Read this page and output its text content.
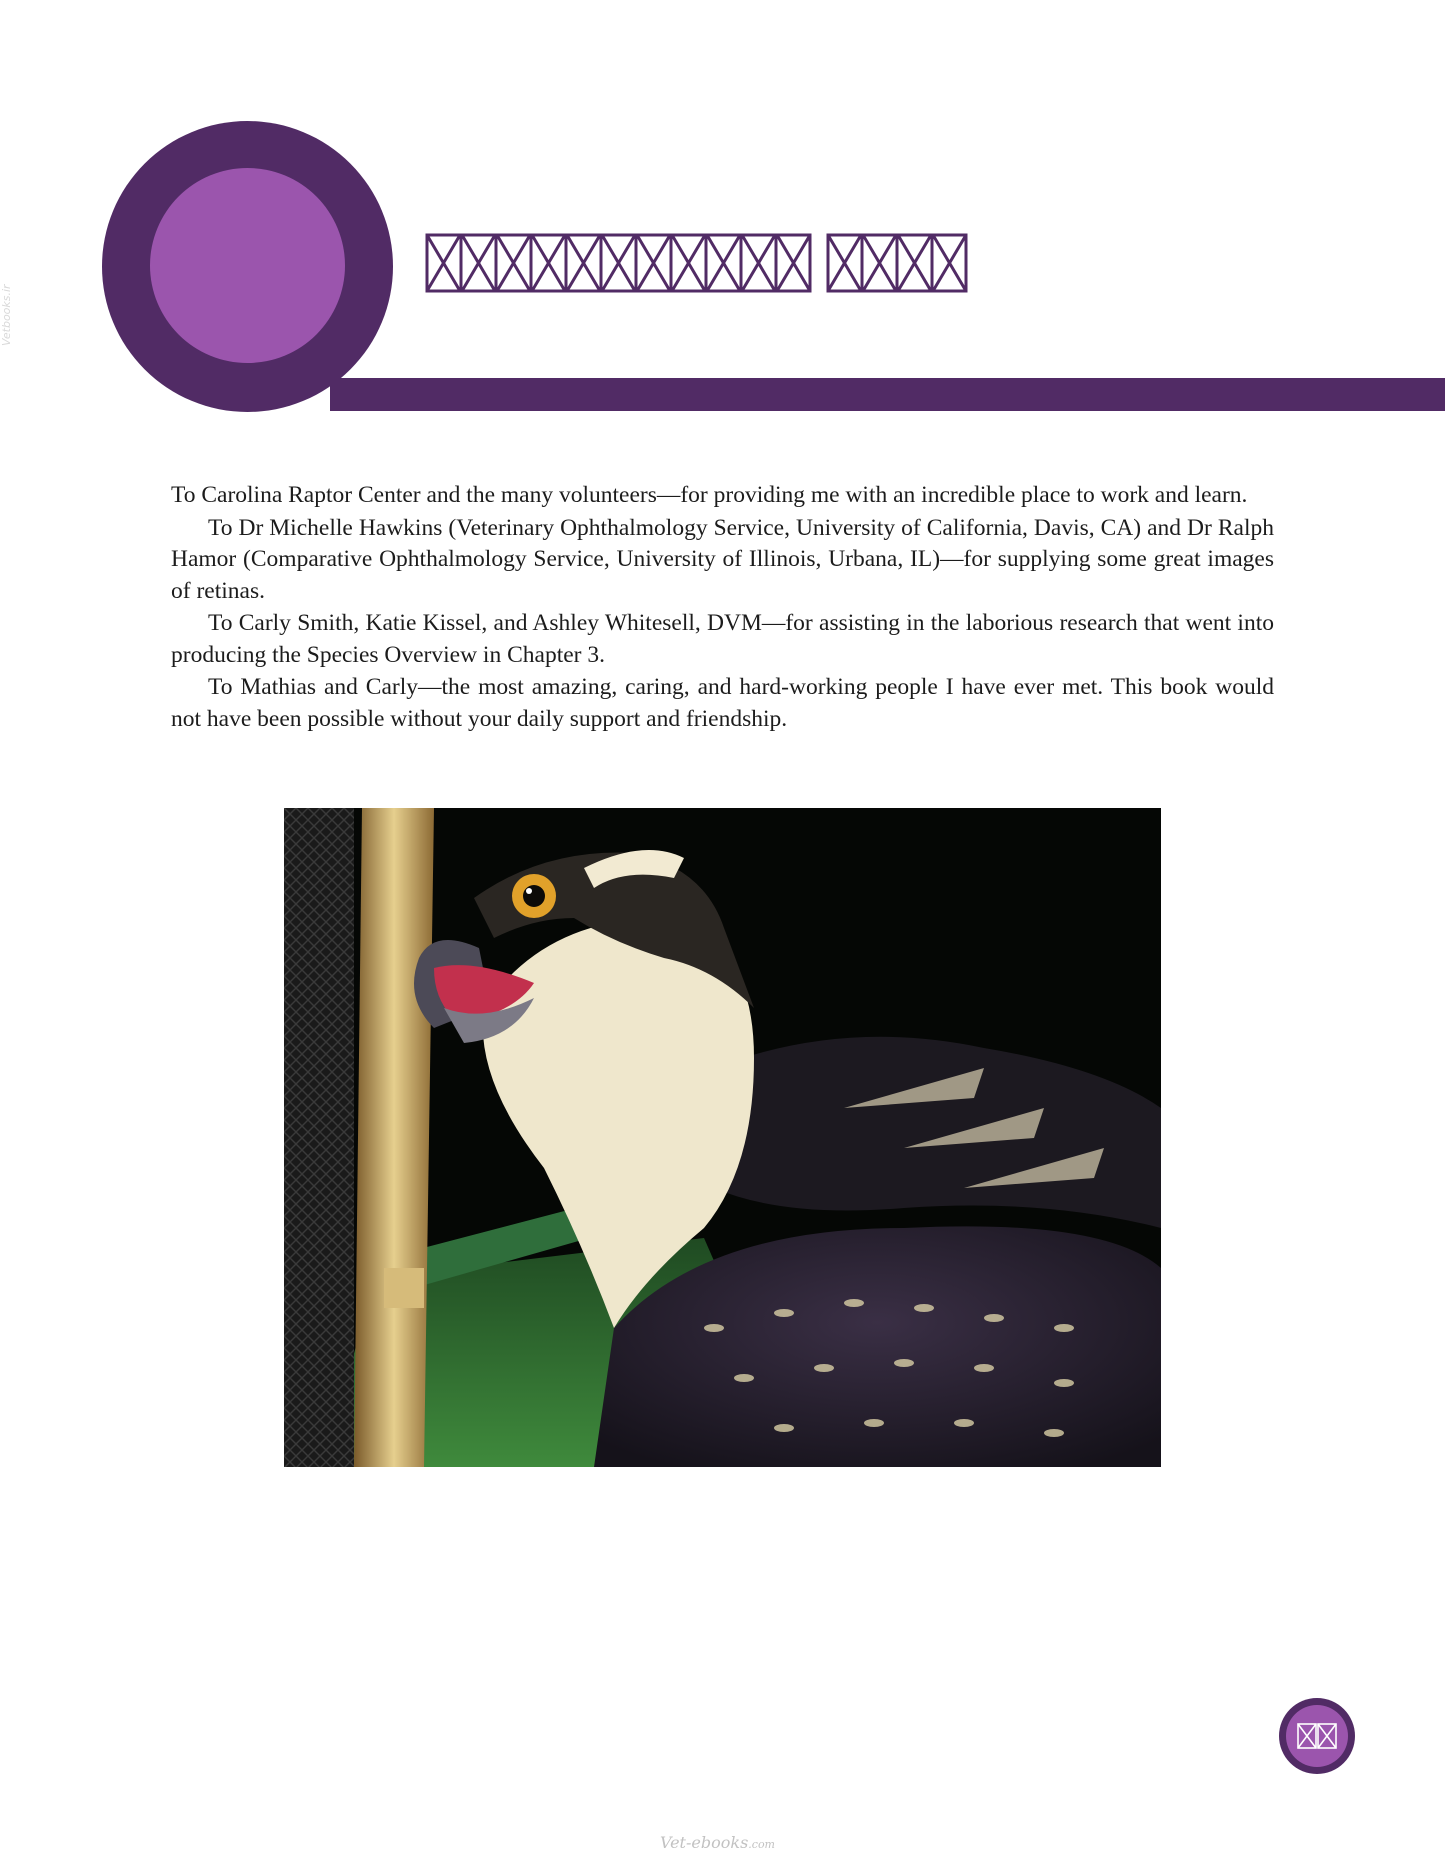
Vetbooks.ir

To Carolina Raptor Center and the many volunteers—for providing me with an incredible place to work and learn.

To Dr Michelle Hawkins (Veterinary Ophthalmology Service, University of California, Davis, CA) and Dr Ralph Hamor (Comparative Ophthalmology Service, University of Illinois, Urbana, IL)—for supplying some great images of retinas.

To Carly Smith, Katie Kissel, and Ashley Whitesell, DVM—for assisting in the laborious research that went into producing the Species Overview in Chapter 3.

To Mathias and Carly—the most amazing, caring, and hard-working people I have ever met. This book would not have been possible without your daily support and friendship.

Vet-ebooks.com
